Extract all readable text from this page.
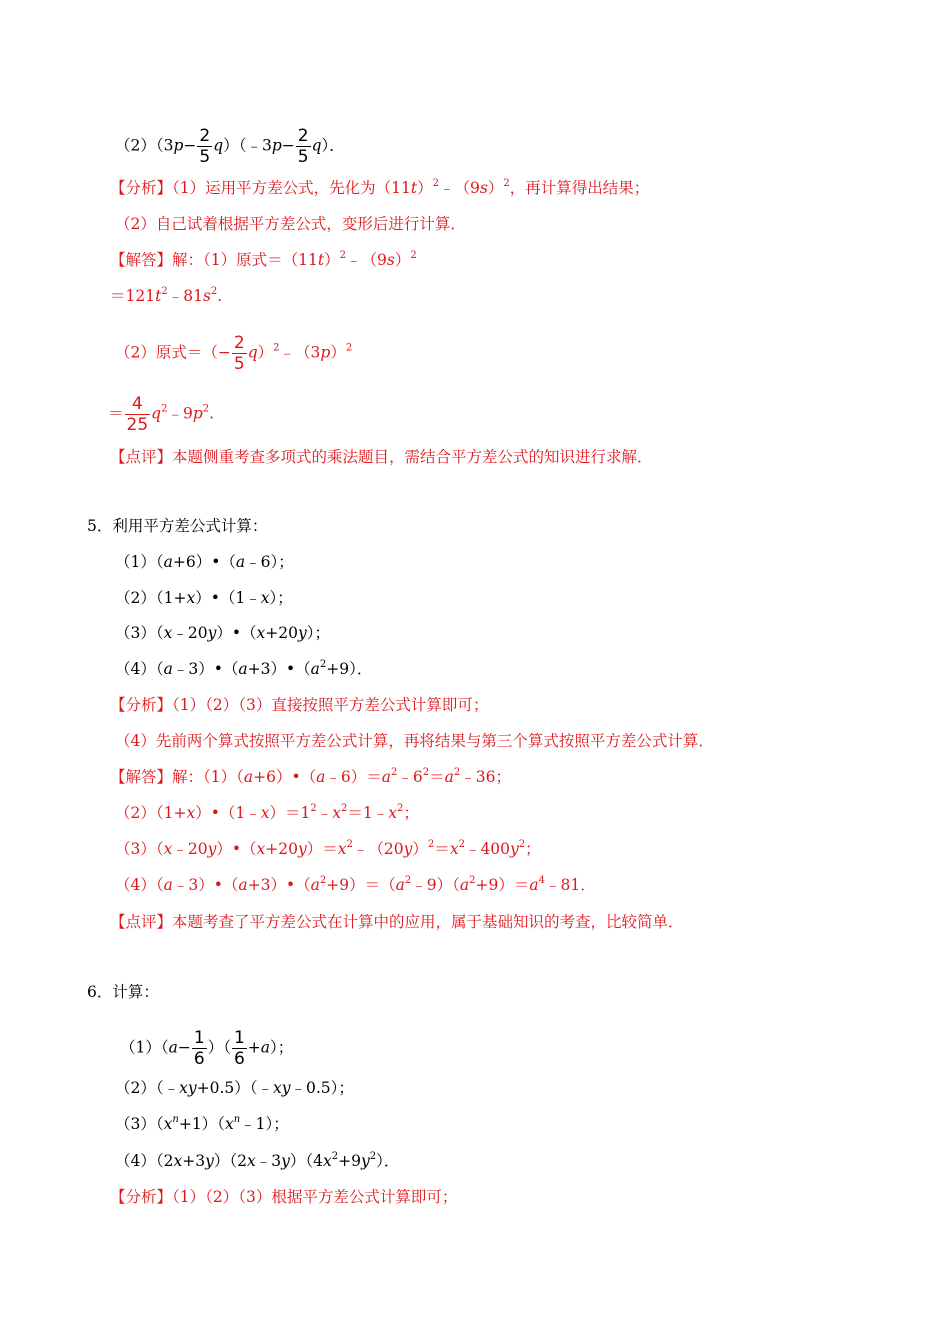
$(2)(3p- \frac{2}{5}$ q）（﹣3p− $\frac{2}{5} q$）．
【分析】（1）运用平方差公式，先化为$(11t)^2﹣(9s)^2$，再计算得出结果；
（2）自己试着根据平方差公式，变形后进行计算．
【解答】解：（1）原式$=(11t)^2﹣(9s)^2$
$=121t^2﹣81s^2$.
（2）原式＝（− $\frac{2}{5}$ $q)^2﹣(3p)^2$
＝ $\frac{4}{25}$ $q^2﹣9p^2$.
【点评】本题侧重考查多项式的乘法题目，需结合平方差公式的知识进行求解．
5．利用平方差公式计算：
（1）（a+6）•（a﹣6）；
（2）（1+x）•（1﹣x）；
（3）（x﹣20y）•（x+20y）；
$(4)(a﹣3)•(a+3)•(a^2+9)$．
【分析】（1）（2）（3）直接按照平方差公式计算即可；
（4）先前两个算式按照平方差公式计算，再将结果与第三个算式按照平方差公式计算．
【解答】解：$(1)(a+6)•(a﹣6)=a^2﹣6^2=a^2﹣36$；
$(2)(1+x)•(1﹣x)=1^2﹣x^2=1﹣x^2$；
$(3)(x﹣20y)•(x+20y)=x^2﹣(20y)^2=x^2﹣400y^2$；
$(4)(a﹣3)•(a+3)•(a^2+9)=(a^2﹣9)(a^2+9)=a^4﹣81$．
【点评】本题考查了平方差公式在计算中的应用，属于基础知识的考查，比较简单．
6．计算：
$(1)(a- \frac{1}{6}$ ）（ $\frac{1}{6} +a$）；
（2）（﹣xy+0.5）（﹣xy﹣0.5）；
$(3)(x^n+1)(x^n﹣1)$；
$(4)(2x+3y)(2x﹣3y)(4x^2+9y^2)$．
【分析】（1）（2）（3）根据平方差公式计算即可；
